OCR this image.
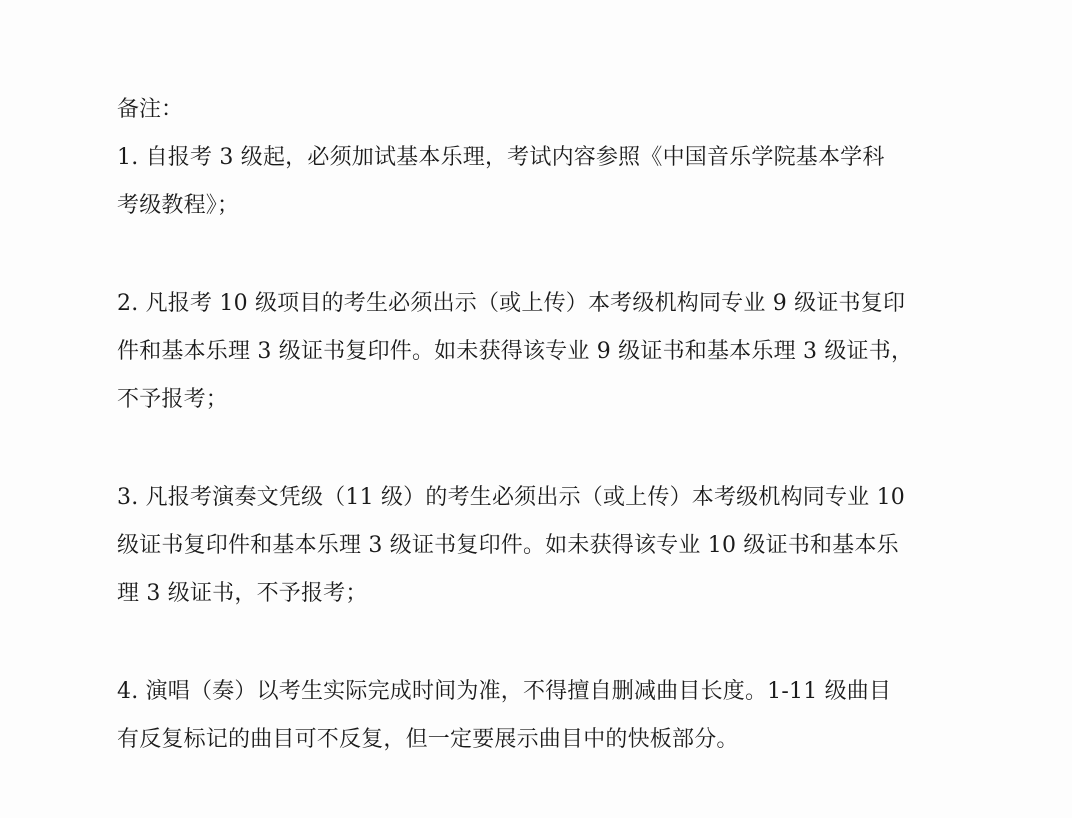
备注：
1. 自报考 3 级起，必须加试基本乐理，考试内容参照《中国音乐学院基本学科
考级教程》；
2. 凡报考 10 级项目的考生必须出示（或上传）本考级机构同专业 9 级证书复印
件和基本乐理 3 级证书复印件。如未获得该专业 9 级证书和基本乐理 3 级证书，
不予报考；
3. 凡报考演奏文凭级（11 级）的考生必须出示（或上传）本考级机构同专业 10
级证书复印件和基本乐理 3 级证书复印件。如未获得该专业 10 级证书和基本乐
理 3 级证书，不予报考；
4. 演唱（奏）以考生实际完成时间为准，不得擅自删减曲目长度。1-11 级曲目
有反复标记的曲目可不反复，但一定要展示曲目中的快板部分。
